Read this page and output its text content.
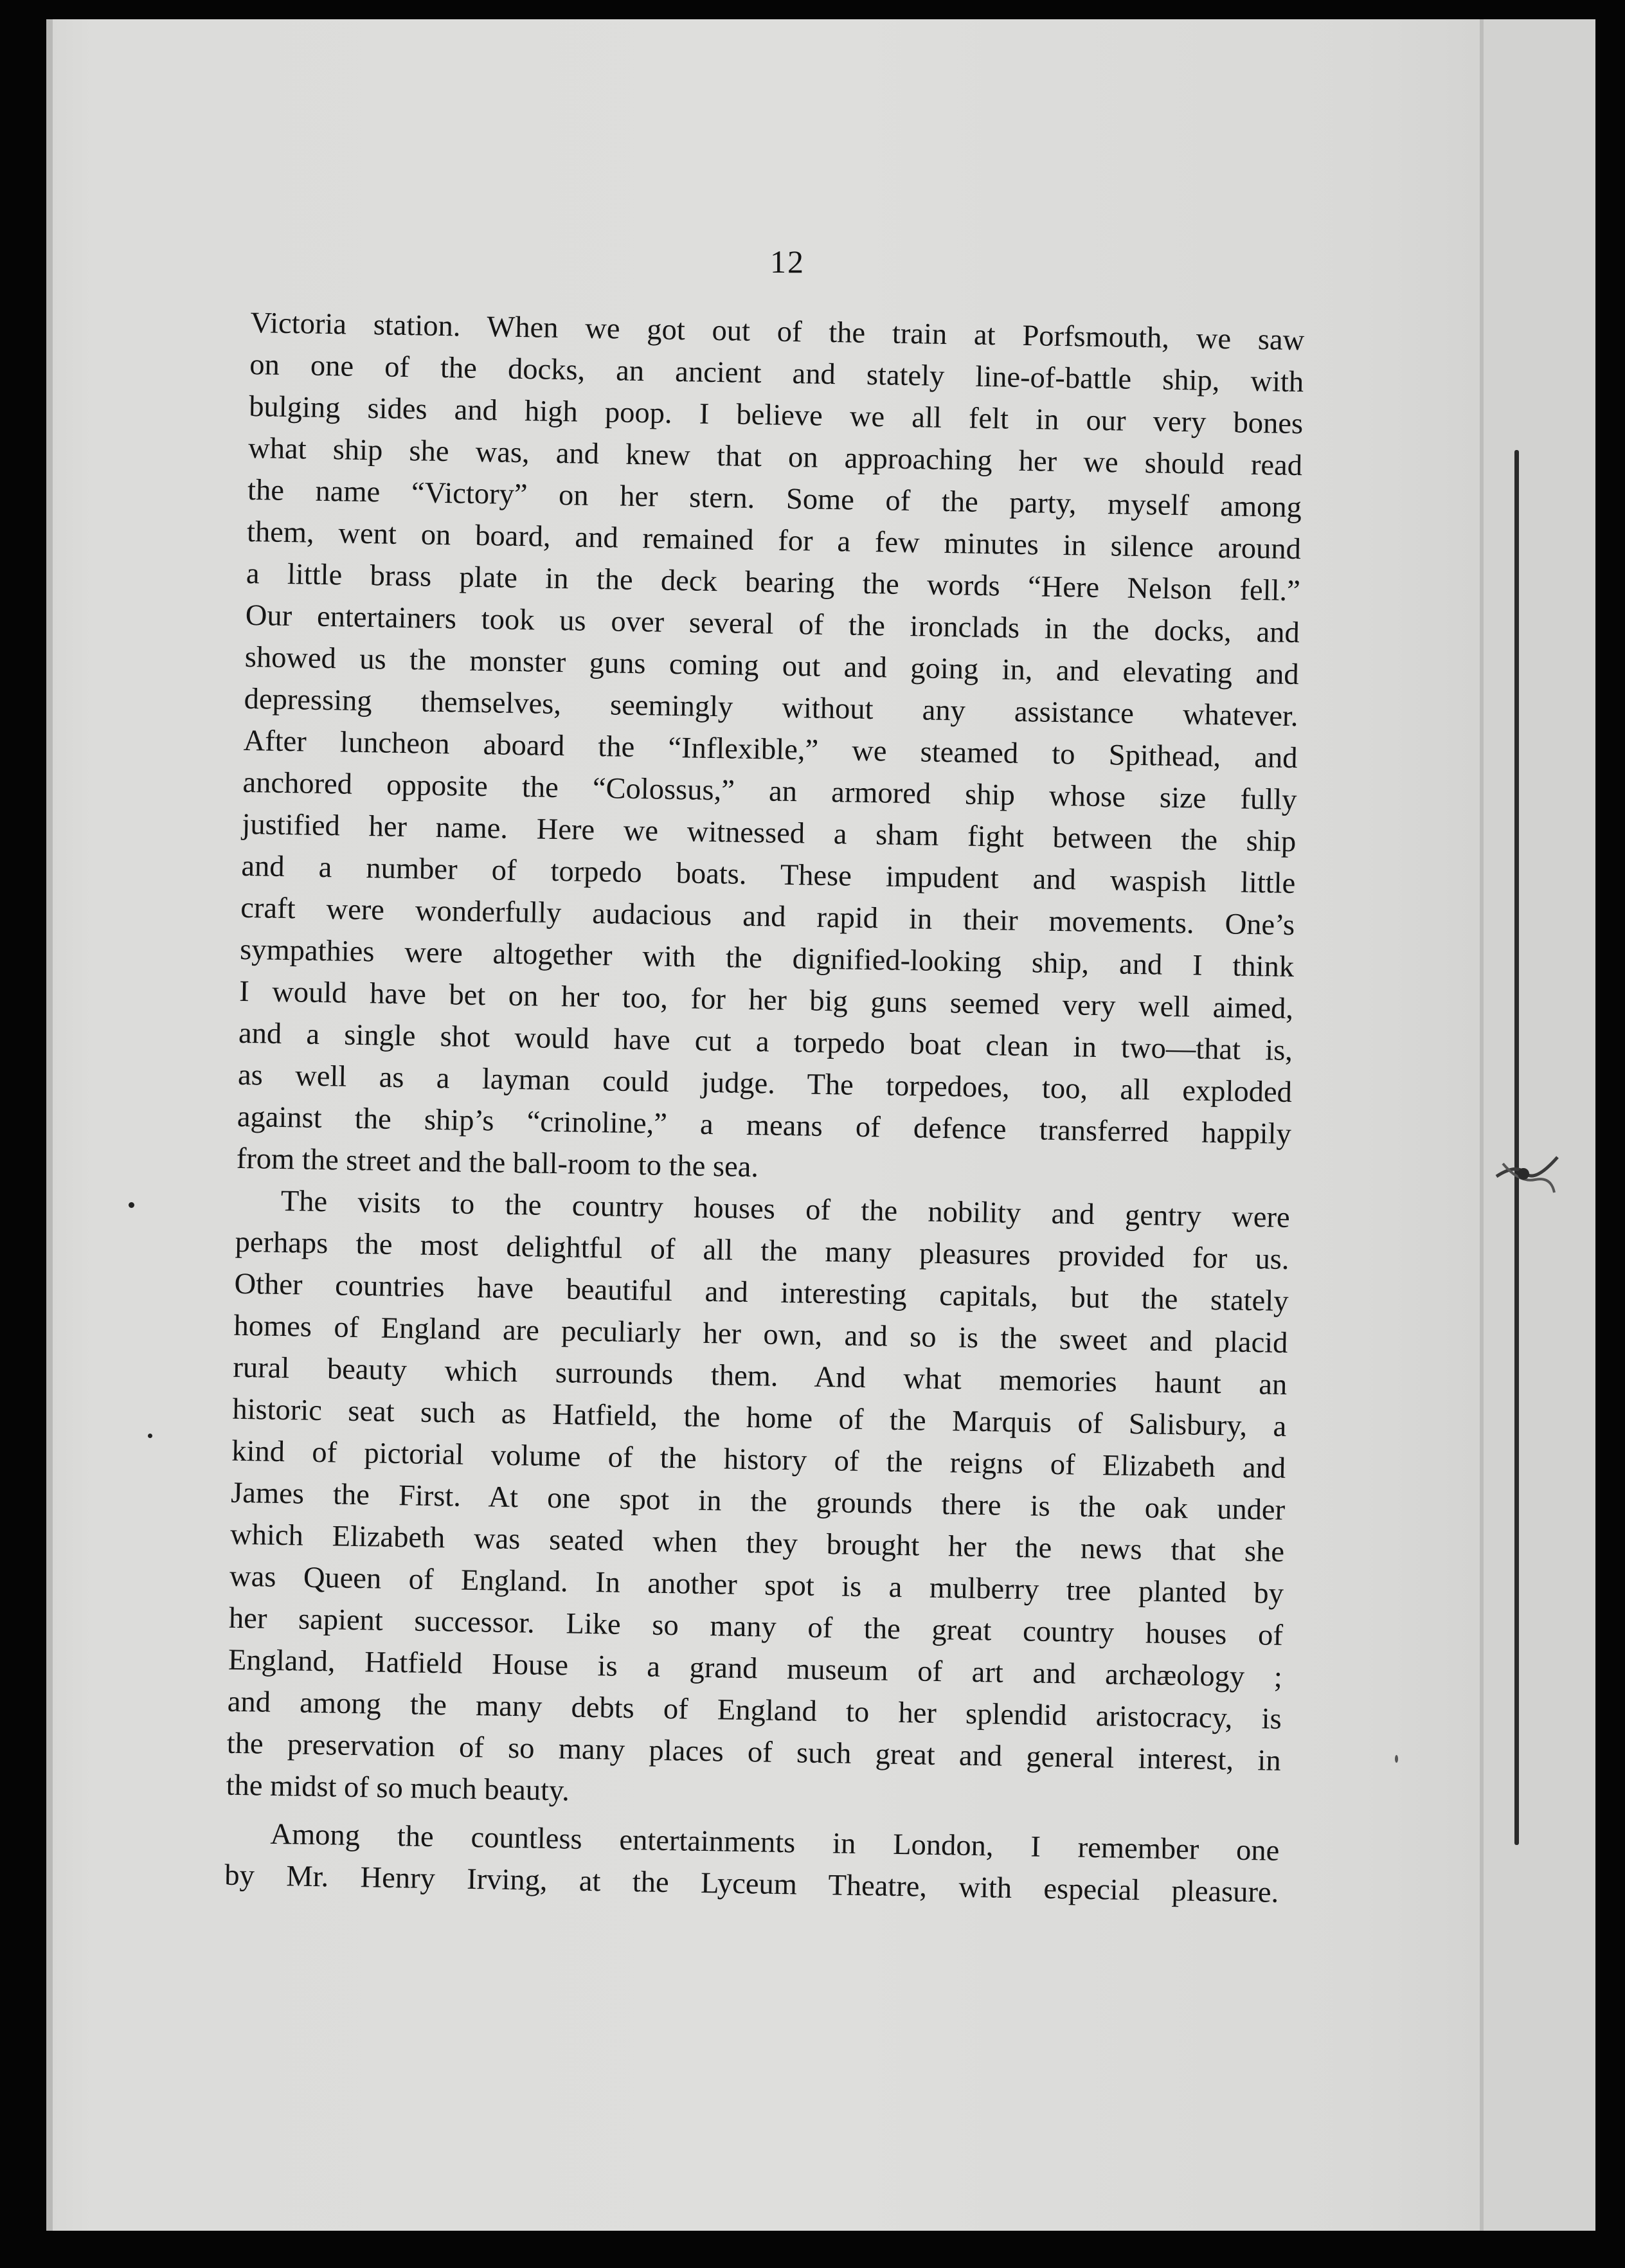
12
Victoria station. When we got out of the train at Porfsmouth, we saw
on one of the docks, an ancient and stately line-of-battle ship, with
bulging sides and high poop. I believe we all felt in our very bones
what ship she was, and knew that on approaching her we should read
the name “Victory” on her stern. Some of the party, myself among
them, went on board, and remained for a few minutes in silence around
a little brass plate in the deck bearing the words “Here Nelson fell.”
Our entertainers took us over several of the ironclads in the docks, and
showed us the monster guns coming out and going in, and elevating and
depressing themselves, seemingly without any assistance whatever.
After luncheon aboard the “Inflexible,” we steamed to Spithead, and
anchored opposite the “Colossus,” an armored ship whose size fully
justified her name. Here we witnessed a sham fight between the ship
and a number of torpedo boats. These impudent and waspish little
craft were wonderfully audacious and rapid in their movements. One’s
sympathies were altogether with the dignified-looking ship, and I think
I would have bet on her too, for her big guns seemed very well aimed,
and a single shot would have cut a torpedo boat clean in two—that is,
as well as a layman could judge. The torpedoes, too, all exploded
against the ship’s “crinoline,” a means of defence transferred happily
from the street and the ball-room to the sea.
The visits to the country houses of the nobility and gentry were
perhaps the most delightful of all the many pleasures provided for us.
Other countries have beautiful and interesting capitals, but the stately
homes of England are peculiarly her own, and so is the sweet and placid
rural beauty which surrounds them. And what memories haunt an
historic seat such as Hatfield, the home of the Marquis of Salisbury, a
kind of pictorial volume of the history of the reigns of Elizabeth and
James the First. At one spot in the grounds there is the oak under
which Elizabeth was seated when they brought her the news that she
was Queen of England. In another spot is a mulberry tree planted by
her sapient successor. Like so many of the great country houses of
England, Hatfield House is a grand museum of art and archæology ;
and among the many debts of England to her splendid aristocracy, is
the preservation of so many places of such great and general interest, in
the midst of so much beauty.
Among the countless entertainments in London, I remember one
by Mr. Henry Irving, at the Lyceum Theatre, with especial pleasure.
